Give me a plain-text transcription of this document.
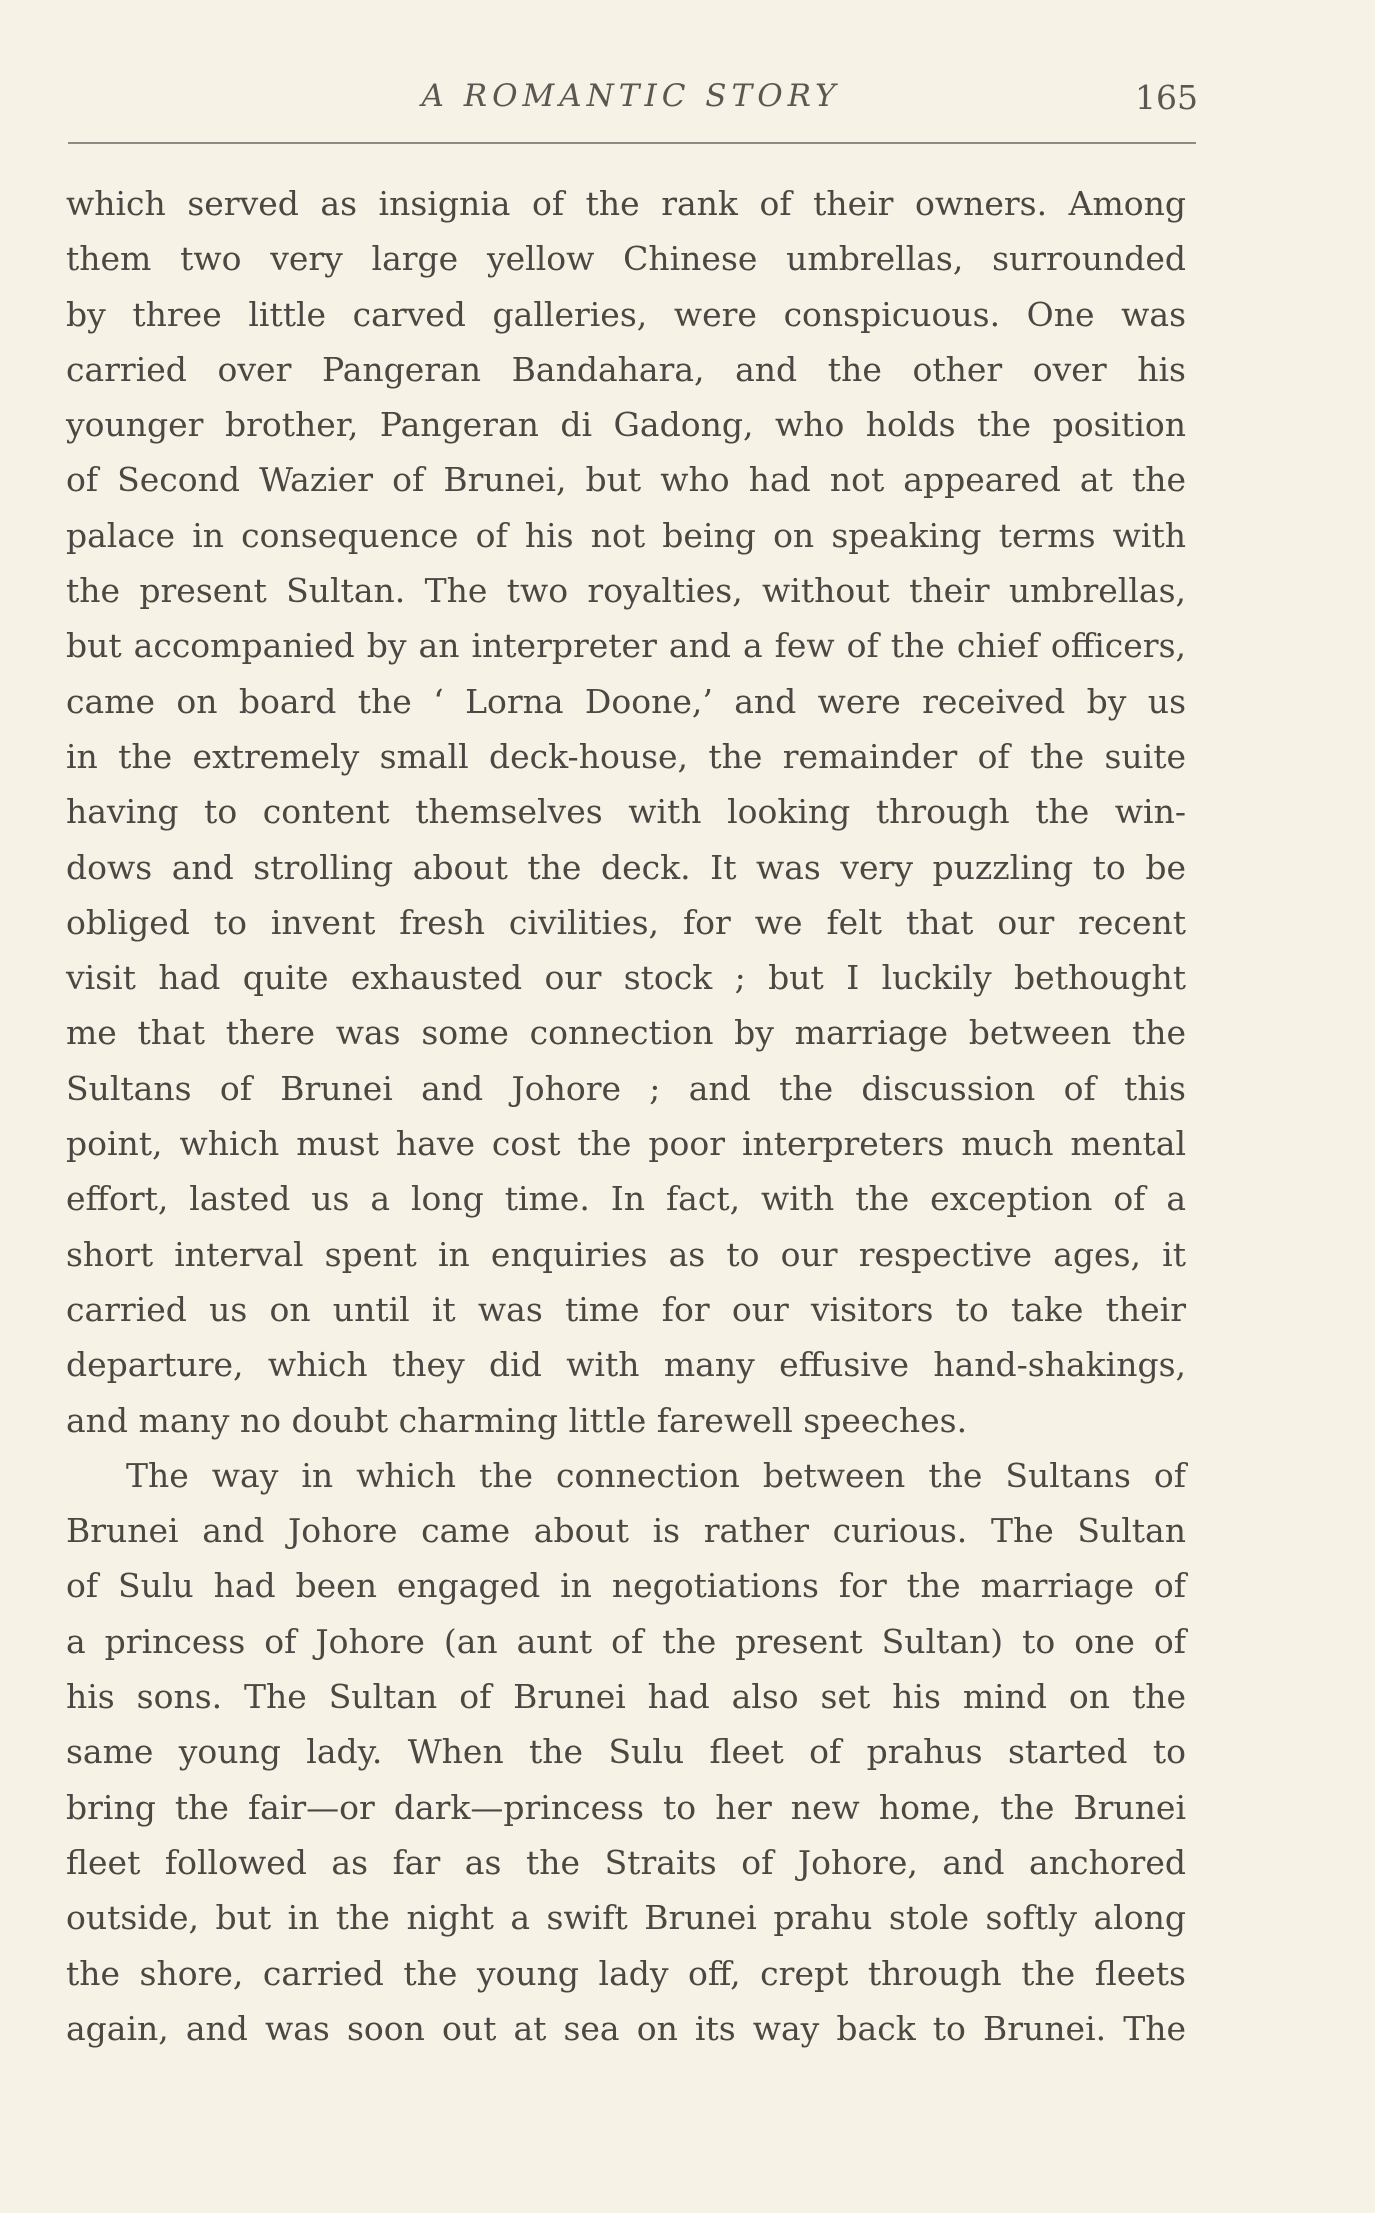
A ROMANTIC STORY	165
which served as insignia of the rank of their owners. Among
them two very large yellow Chinese umbrellas, surrounded
by three little carved galleries, were conspicuous. One was
carried over Pangeran Bandahara, and the other over his
younger brother, Pangeran di Gadong, who holds the position
of Second Wazier of Brunei, but who had not appeared at the
palace in consequence of his not being on speaking terms with
the present Sultan. The two royalties, without their umbrellas,
but accompanied by an interpreter and a few of the chief officers,
came on board the ‘ Lorna Doone,’ and were received by us
in the extremely small deck-house, the remainder of the suite
having to content themselves with looking through the win-
dows and strolling about the deck. It was very puzzling to be
obliged to invent fresh civilities, for we felt that our recent
visit had quite exhausted our stock ; but I luckily bethought
me that there was some connection by marriage between the
Sultans of Brunei and Johore ; and the discussion of this
point, which must have cost the poor interpreters much mental
effort, lasted us a long time. In fact, with the exception of a
short interval spent in enquiries as to our respective ages, it
carried us on until it was time for our visitors to take their
departure, which they did with many effusive hand-shakings,
and many no doubt charming little farewell speeches.
The way in which the connection between the Sultans of
Brunei and Johore came about is rather curious. The Sultan
of Sulu had been engaged in negotiations for the marriage of
a princess of Johore (an aunt of the present Sultan) to one of
his sons. The Sultan of Brunei had also set his mind on the
same young lady. When the Sulu fleet of prahus started to
bring the fair—or dark—princess to her new home, the Brunei
fleet followed as far as the Straits of Johore, and anchored
outside, but in the night a swift Brunei prahu stole softly along
the shore, carried the young lady off, crept through the fleets
again, and was soon out at sea on its way back to Brunei. The
